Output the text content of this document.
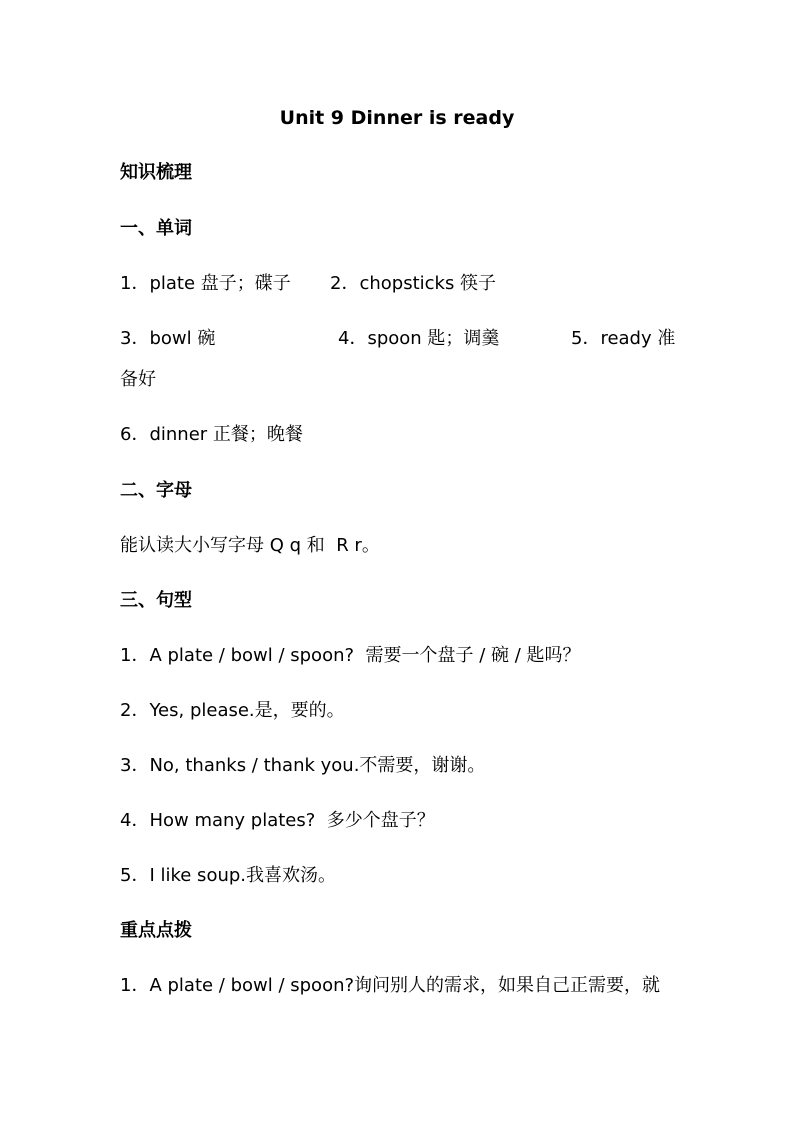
Unit 9 Dinner is ready
知识梳理
一、单词
1．plate 盘子；碟子 2．chopsticks 筷子
3．bowl 碗	4．spoon 匙；调羹	5．ready 准
备好
6．dinner 正餐；晚餐
二、字母
能认读大小写字母 Q q 和  R r。
三、句型
1．A plate / bowl / spoon?  需要一个盘子 / 碗 / 匙吗？
2．Yes, please.是，要的。
3．No, thanks / thank you.不需要，谢谢。
4．How many plates?  多少个盘子？
5．I like soup.我喜欢汤。
重点点拨
1．A plate / bowl / spoon?询问别人的需求，如果自己正需要，就
